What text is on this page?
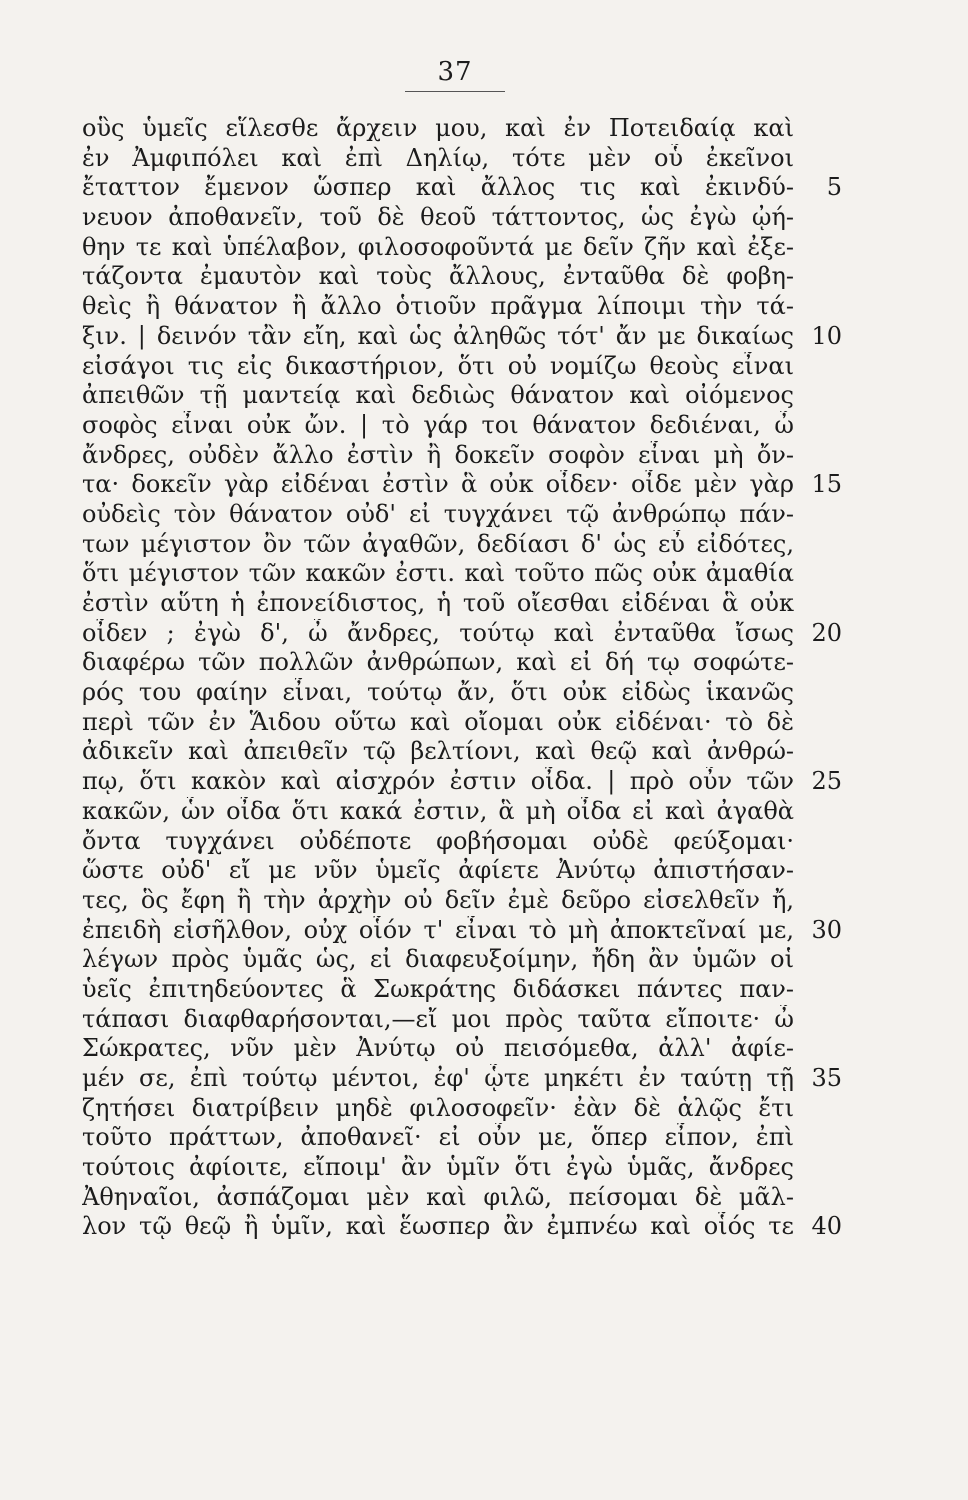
37
οὓς ὑμεῖς εἵλεσθε ἄρχειν μου, καὶ ἐν Ποτειδαίᾳ καὶ
ἐν Ἀμφιπόλει καὶ ἐπὶ Δηλίῳ, τότε μὲν οὗ ἐκεῖνοι
ἔταττον ἔμενον ὥσπερ καὶ ἄλλος τις καὶ ἐκινδύ-	5
νευον ἀποθανεῖν, τοῦ δὲ θεοῦ τάττοντος, ὡς ἐγὼ ᾠή-
θην τε καὶ ὑπέλαβον, φιλοσοφοῦντά με δεῖν ζῆν καὶ ἐξε-
τάζοντα ἐμαυτὸν καὶ τοὺς ἄλλους, ἐνταῦθα δὲ φοβη-
θεὶς ἢ θάνατον ἢ ἄλλο ὁτιοῦν πρᾶγμα λίποιμι τὴν τά-
ξιν. | δεινόν τἂν εἴη, καὶ ὡς ἀληθῶς τότ' ἄν με δικαίως 10
εἰσάγοι τις εἰς δικαστήριον, ὅτι οὐ νομίζω θεοὺς εἶναι
ἀπειθῶν τῇ μαντείᾳ καὶ δεδιὼς θάνατον καὶ οἰόμενος
σοφὸς εἶναι οὐκ ὤν. | τὸ γάρ τοι θάνατον δεδιέναι, ὦ
ἄνδρες, οὐδὲν ἄλλο ἐστὶν ἢ δοκεῖν σοφὸν εἶναι μὴ ὄν-
τα· δοκεῖν γὰρ εἰδέναι ἐστὶν ἃ οὐκ οἶδεν· οἶδε μὲν γὰρ 15
οὐδεὶς τὸν θάνατον οὐδ' εἰ τυγχάνει τῷ ἀνθρώπῳ πάν-
των μέγιστον ὂν τῶν ἀγαθῶν, δεδίασι δ' ὡς εὖ εἰδότες,
ὅτι μέγιστον τῶν κακῶν ἐστι. καὶ τοῦτο πῶς οὐκ ἀμαθία
ἐστὶν αὕτη ἡ ἐπονείδιστος, ἡ τοῦ οἴεσθαι εἰδέναι ἃ οὐκ
οἶδεν ; ἐγὼ δ', ὦ ἄνδρες, τούτῳ καὶ ἐνταῦθα ἴσως 20
διαφέρω τῶν πολλῶν ἀνθρώπων, καὶ εἰ δή τῳ σοφώτε-
ρός του φαίην εἶναι, τούτῳ ἄν, ὅτι οὐκ εἰδὼς ἱκανῶς
περὶ τῶν ἐν Ἅιδου οὕτω καὶ οἴομαι οὐκ εἰδέναι· τὸ δὲ
ἀδικεῖν καὶ ἀπειθεῖν τῷ βελτίονι, καὶ θεῷ καὶ ἀνθρώ-
πῳ, ὅτι κακὸν καὶ αἰσχρόν ἐστιν οἶδα. | πρὸ οὖν τῶν 25
κακῶν, ὧν οἶδα ὅτι κακά ἐστιν, ἃ μὴ οἶδα εἰ καὶ ἀγαθὰ
ὄντα τυγχάνει οὐδέποτε φοβήσομαι οὐδὲ φεύξομαι·
ὥστε οὐδ' εἴ με νῦν ὑμεῖς ἀφίετε Ἀνύτῳ ἀπιστήσαν-
τες, ὃς ἔφη ἢ τὴν ἀρχὴν οὐ δεῖν ἐμὲ δεῦρο εἰσελθεῖν ἤ,
ἐπειδὴ εἰσῆλθον, οὐχ οἷόν τ' εἶναι τὸ μὴ ἀποκτεῖναί με, 30
λέγων πρὸς ὑμᾶς ὡς, εἰ διαφευξοίμην, ἤδη ἂν ὑμῶν οἱ
ὑεῖς ἐπιτηδεύοντες ἃ Σωκράτης διδάσκει πάντες παν-
τάπασι διαφθαρήσονται,—εἴ μοι πρὸς ταῦτα εἴποιτε· ὦ
Σώκρατες, νῦν μὲν Ἀνύτῳ οὐ πεισόμεθα, ἀλλ' ἀφίε-
μέν σε, ἐπὶ τούτῳ μέντοι, ἐφ' ᾧτε μηκέτι ἐν ταύτῃ τῇ 35
ζητήσει διατρίβειν μηδὲ φιλοσοφεῖν· ἐὰν δὲ ἁλῷς ἔτι
τοῦτο πράττων, ἀποθανεῖ· εἰ οὖν με, ὅπερ εἶπον, ἐπὶ
τούτοις ἀφίοιτε, εἴποιμ' ἂν ὑμῖν ὅτι ἐγὼ ὑμᾶς, ἄνδρες
Ἀθηναῖοι, ἀσπάζομαι μὲν καὶ φιλῶ, πείσομαι δὲ μᾶλ-
λον τῷ θεῷ ἢ ὑμῖν, καὶ ἕωσπερ ἂν ἐμπνέω καὶ οἷός τε 40
